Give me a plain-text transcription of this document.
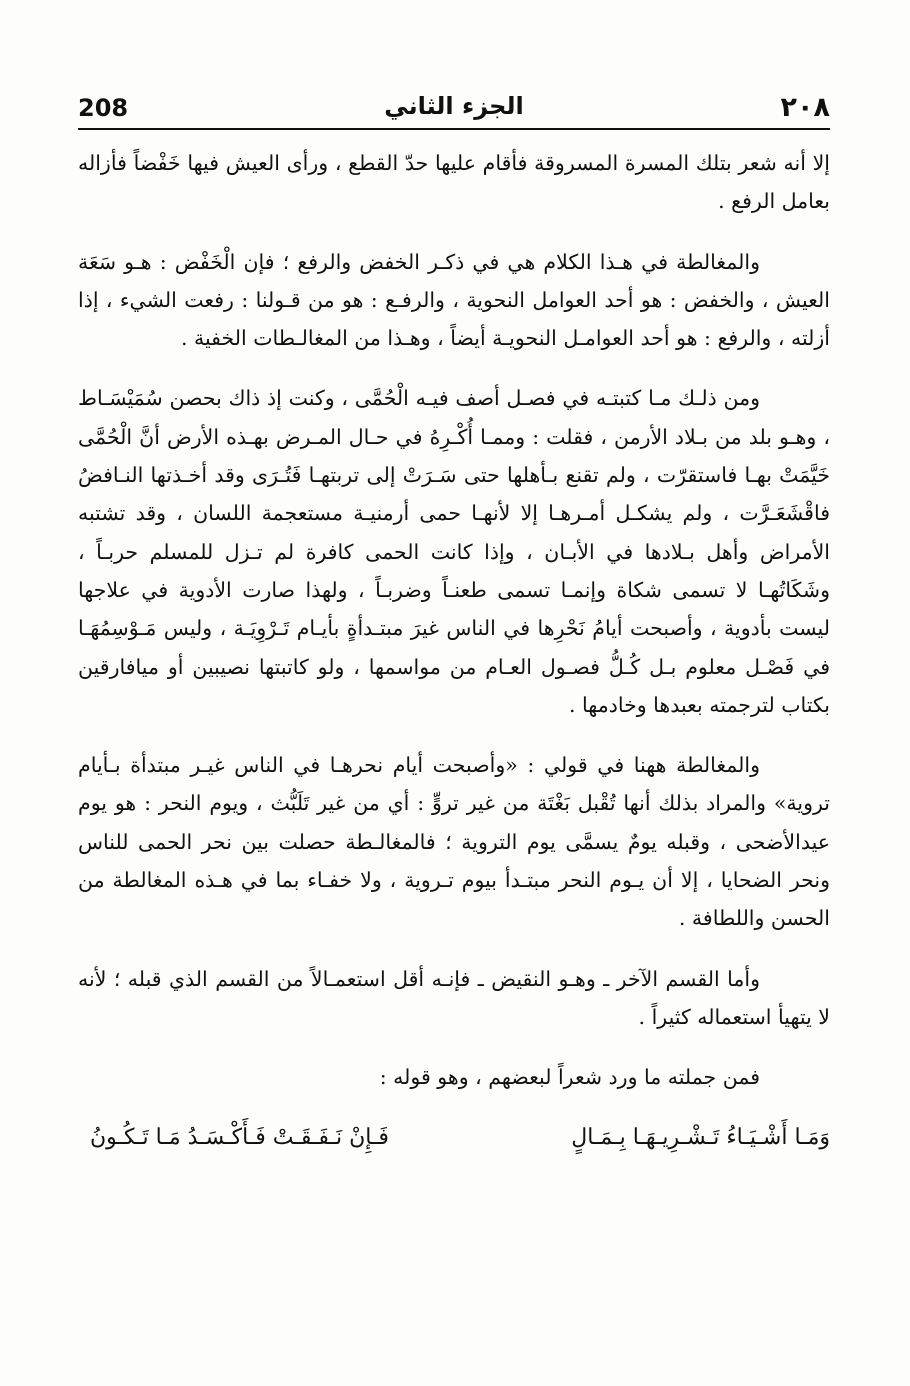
٢٠٨
الجزء الثاني
208

إلا أنه شعر بتلك المسرة المسروقة فأقام عليها حدّ القطع ، ورأى العيش فيها خَفْضاً فأزاله بعامل الرفع .

والمغالطة في هـذا الكلام هي في ذكـر الخفض والرفع ؛ فإن الْخَفْض : هـو سَعَة العيش ، والخفض : هو أحد العوامل النحوية ، والرفـع : هو من قـولنا : رفعت الشيء ، إذا أزلته ، والرفع : هو أحد العوامـل النحويـة أيضاً ، وهـذا من المغالـطات الخفية .

ومن ذلـك مـا كتبتـه في فصـل أصف فيـه الْحُمَّى ، وكنت إذ ذاك بحصن سُمَيْسَـاط ، وهـو بلد من بـلاد الأرمن ، فقلت : وممـا أُكْـرِهُ في حـال المـرض بهـذه الأرض أنَّ الْحُمَّى خَيَّمَتْ بهـا فاستقرّت ، ولم تقنع بـأهلها حتى سَـرَتْ إلى تربتهـا فَتُـرَى وقد أخـذتها النـافضُ فاقْشَعَـرَّت ، ولم يشكـل أمـرهـا إلا لأنهـا حمى أرمنيـة مستعجمة اللسان ، وقد تشتبه الأمراض وأهل بـلادها في الأبـان ، وإذا كانت الحمى كافرة لم تـزل للمسلم حربـاً ، وشَكَاتُهـا لا تسمى شكاة وإنمـا تسمى طعنـاً وضربـاً ، ولهذا صارت الأدوية في علاجها ليست بأدوية ، وأصبحت أيامُ نَحْرِها في الناس غيرَ مبتـدأةٍ بأيـام تَـرْوِيَـة ، وليس مَـوْسِمُهَـا في فَصْـل معلوم بـل كُـلُّ فصـول العـام من مواسمها ، ولو كاتبتها نصيبين أو ميافارقين بكتاب لترجمته بعبدها وخادمها .

والمغالطة ههنا في قولي : «وأصبحت أيام نحرهـا في الناس غيـر مبتدأة بـأيام تروية» والمراد بذلك أنها تُقْبل بَغْتَة من غير تروٍّ : أي من غير تَلَبُّث ، ويوم النحر : هو يوم عيدالأضحى ، وقبله يومٌ يسمَّى يوم التروية ؛ فالمغالـطة حصلت بين نحر الحمى للناس ونحر الضحايا ، إلا أن يـوم النحر مبتـدأ بيوم تـروية ، ولا خفـاء بما في هـذه المغالطة من الحسن واللطافة .

وأما القسم الآخر ـ وهـو النقيض ـ فإنـه أقل استعمـالاً من القسم الذي قبله ؛ لأنه لا يتهيأ استعماله كثيراً .

فمن جملته ما ورد شعراً لبعضهم ، وهو قوله :

وَمَـا أَشْـيَـاءُ تَـشْـرِيـهَـا بِـمَـالٍ
فَـإِنْ نَـفَـقَـتْ فَـأَكْـسَـدُ مَـا تَـكُـونُ
